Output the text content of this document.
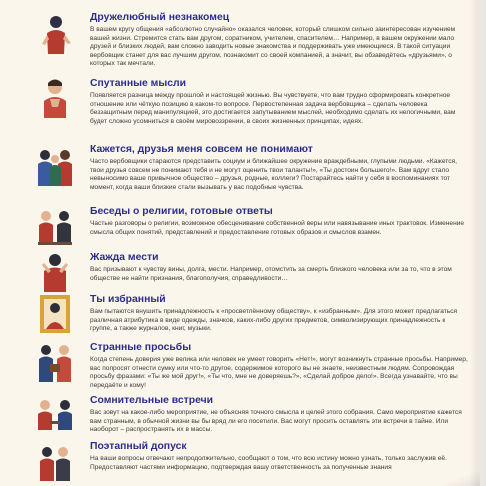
Дружелюбный незнакомец

В вашем кругу общения «абсолютно случайно» оказался человек, который слишком сильно заинтересован изучением вашей жизни. Стремится стать вам другом, соратником, учителем, спасителем… Например, в вашем окружении мало друзей и близких людей, вам сложно заводить новые знакомства и поддерживать уже имеющиеся. В такой ситуации вербовщик станет для вас лучшим другом, познакомит со своей компанией, а значит, вы обзаведётесь «друзьями», о которых так мечтали.

Спутанные мысли

Появляется разница между прошлой и настоящей жизнью. Вы чувствуете, что вам трудно сформировать конкретное отношение или чёткую позицию в каком-то вопросе. Первостепенная задача вербовщика – сделать человека беззащитным перед манипуляцией, это достигается запутыванием мыслей, необходимо сделать их нелогичными, вам будет сложно усомниться в своём мировоззрении, в своих жизненных принципах, идеях.

Кажется, друзья меня совсем не понимают

Часто вербовщики стараются представить социум и ближайшее окружение враждебными, глупыми людьми. «Кажется, твои друзья совсем не понимают тебя и не могут оценить твои таланты!», «Ты достоин большего!». Вам вдруг стало невыносимо ваше привычное общество – друзья, родные, коллеги? Постарайтесь найти у себя в воспоминаниях тот момент, когда ваши близкие стали вызывать у вас подобные чувства.

Беседы о религии, готовые ответы

Частые разговоры о религии, возможное обесценивание собственной веры или навязывание иных трактовок. Изменение смысла общих понятий, представлений и предоставление готовых образов и смыслов взамен.

Жажда мести

Вас призывают к чувству вины, долга, мести. Например, отомстить за смерть близкого человека или за то, что в этом обществе не найти признания, благополучия, справедливости…

Ты избранный

Вам пытаются внушить принадлежность к «просветлённому обществу», к «избранным». Для этого может предлагаться различная атрибутика в виде одежды, значков, каких-либо других предметов, символизирующих принадлежность к группе, а также журналов, книг, музыки.

Странные просьбы

Когда степень доверия уже велика или человек не умеет говорить «Нет!», могут возникнуть странные просьбы. Например, вас попросят отнести сумку или что-то другое, содержимое которого вы не знаете, неизвестным людям. Сопровождая просьбу фразами: «Ты же мой друг!», «Ты что, мне не доверяешь?», «Сделай доброе дело!». Всегда узнавайте, что вы передаёте и кому!

Сомнительные встречи

Вас зовут на какое-либо мероприятие, не объясняя точного смысла и целей этого собрания. Само мероприятие кажется вам странным, в обычной жизни вы бы вряд ли его посетили. Вас могут просить оставлять эти встречи в тайне. Или наоборот – распространять их в массы.

Поэтапный допуск

На ваши вопросы отвечают непродолжительно, сообщают о том, что всю истину можно узнать, только заслужив её. Предоставляют частями информацию, подтверждая вашу ответственность за полученные знания
